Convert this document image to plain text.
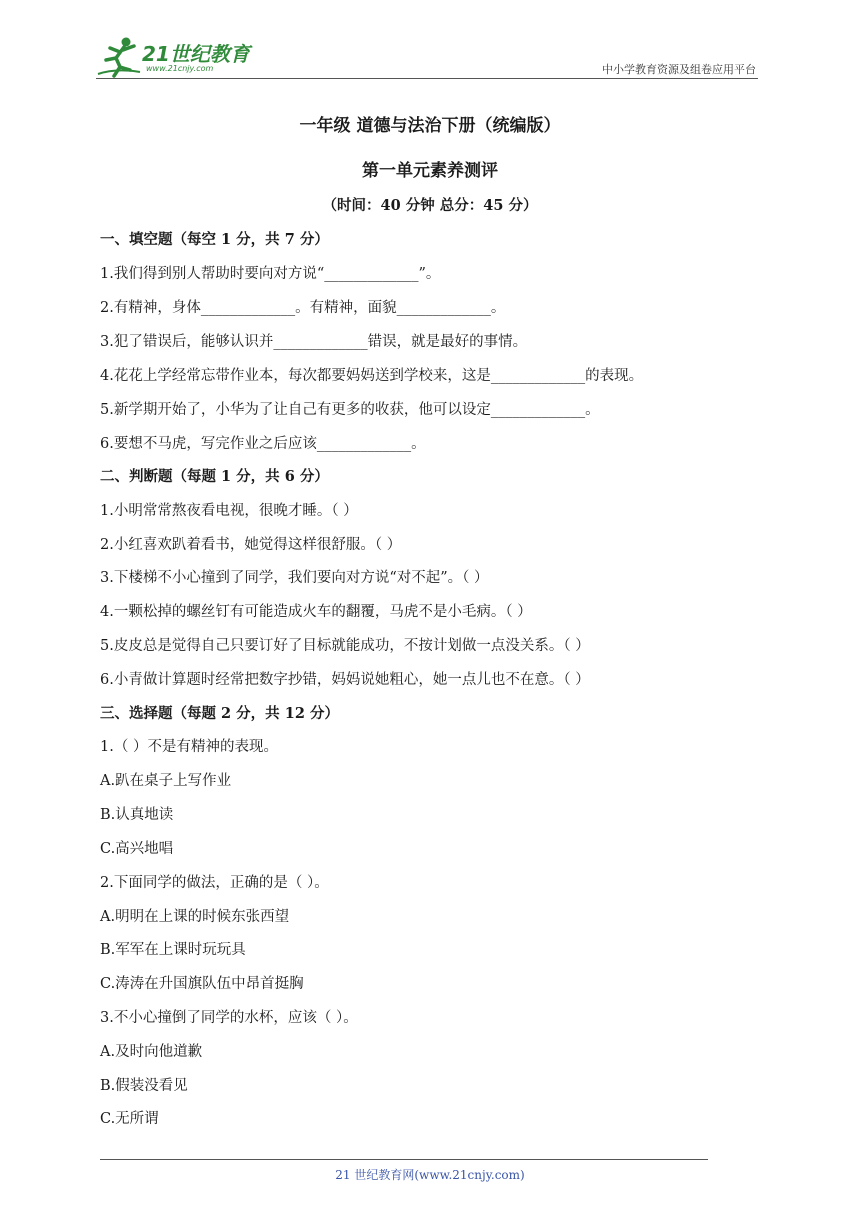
21世纪教育
www.21cnjy.com	中小学教育资源及组卷应用平台
一年级 道德与法治下册（统编版）
第一单元素养测评
（时间：40 分钟 总分：45 分）
一、填空题（每空 1 分，共 7 分）
1.我们得到别人帮助时要向对方说“_____________”。
2.有精神，身体_____________。有精神，面貌_____________。
3.犯了错误后，能够认识并_____________错误，就是最好的事情。
4.花花上学经常忘带作业本，每次都要妈妈送到学校来，这是_____________的表现。
5.新学期开始了，小华为了让自己有更多的收获，他可以设定_____________。
6.要想不马虎，写完作业之后应该_____________。
二、判断题（每题 1 分，共 6 分）
1.小明常常熬夜看电视，很晚才睡。（ ）
2.小红喜欢趴着看书，她觉得这样很舒服。（ ）
3.下楼梯不小心撞到了同学，我们要向对方说“对不起”。（ ）
4.一颗松掉的螺丝钉有可能造成火车的翻覆，马虎不是小毛病。（ ）
5.皮皮总是觉得自己只要订好了目标就能成功，不按计划做一点没关系。（ ）
6.小青做计算题时经常把数字抄错，妈妈说她粗心，她一点儿也不在意。（ ）
三、选择题（每题 2 分，共 12 分）
1.（ ）不是有精神的表现。
A.趴在桌子上写作业
B.认真地读
C.高兴地唱
2.下面同学的做法，正确的是（ ）。
A.明明在上课的时候东张西望
B.军军在上课时玩玩具
C.涛涛在升国旗队伍中昂首挺胸
3.不小心撞倒了同学的水杯，应该（ ）。
A.及时向他道歉
B.假装没看见
C.无所谓
21 世纪教育网(www.21cnjy.com)
